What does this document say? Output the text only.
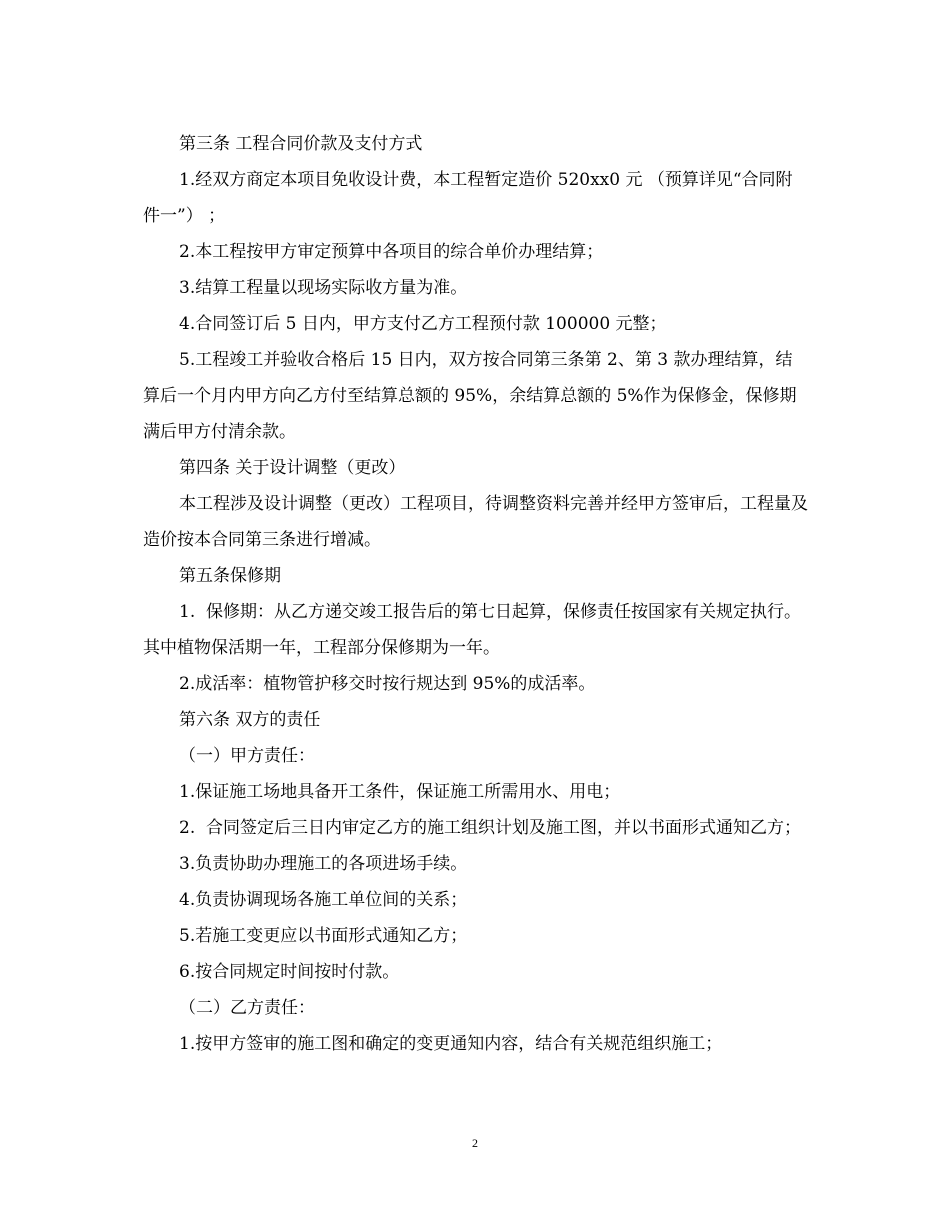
第三条 工程合同价款及支付方式

1.经双方商定本项目免收设计费，本工程暂定造价 520xx0 元 （预算详见“合同附件一”） ；

2.本工程按甲方审定预算中各项目的综合单价办理结算；

3.结算工程量以现场实际收方量为准。

4.合同签订后 5 日内，甲方支付乙方工程预付款 100000 元整；

5.工程竣工并验收合格后 15 日内，双方按合同第三条第 2、第 3 款办理结算，结算后一个月内甲方向乙方付至结算总额的 95%，余结算总额的 5%作为保修金，保修期满后甲方付清余款。

第四条 关于设计调整（更改）

本工程涉及设计调整（更改）工程项目，待调整资料完善并经甲方签审后，工程量及造价按本合同第三条进行增减。

第五条保修期

1.  保修期：从乙方递交竣工报告后的第七日起算，保修责任按国家有关规定执行。其中植物保活期一年，工程部分保修期为一年。

2.成活率：植物管护移交时按行规达到 95%的成活率。

第六条 双方的责任

（一）甲方责任：

1.保证施工场地具备开工条件，保证施工所需用水、用电；

2.  合同签定后三日内审定乙方的施工组织计划及施工图，并以书面形式通知乙方；

3.负责协助办理施工的各项进场手续。

4.负责协调现场各施工单位间的关系；

5.若施工变更应以书面形式通知乙方；

6.按合同规定时间按时付款。

（二）乙方责任：

1.按甲方签审的施工图和确定的变更通知内容，结合有关规范组织施工；

2
